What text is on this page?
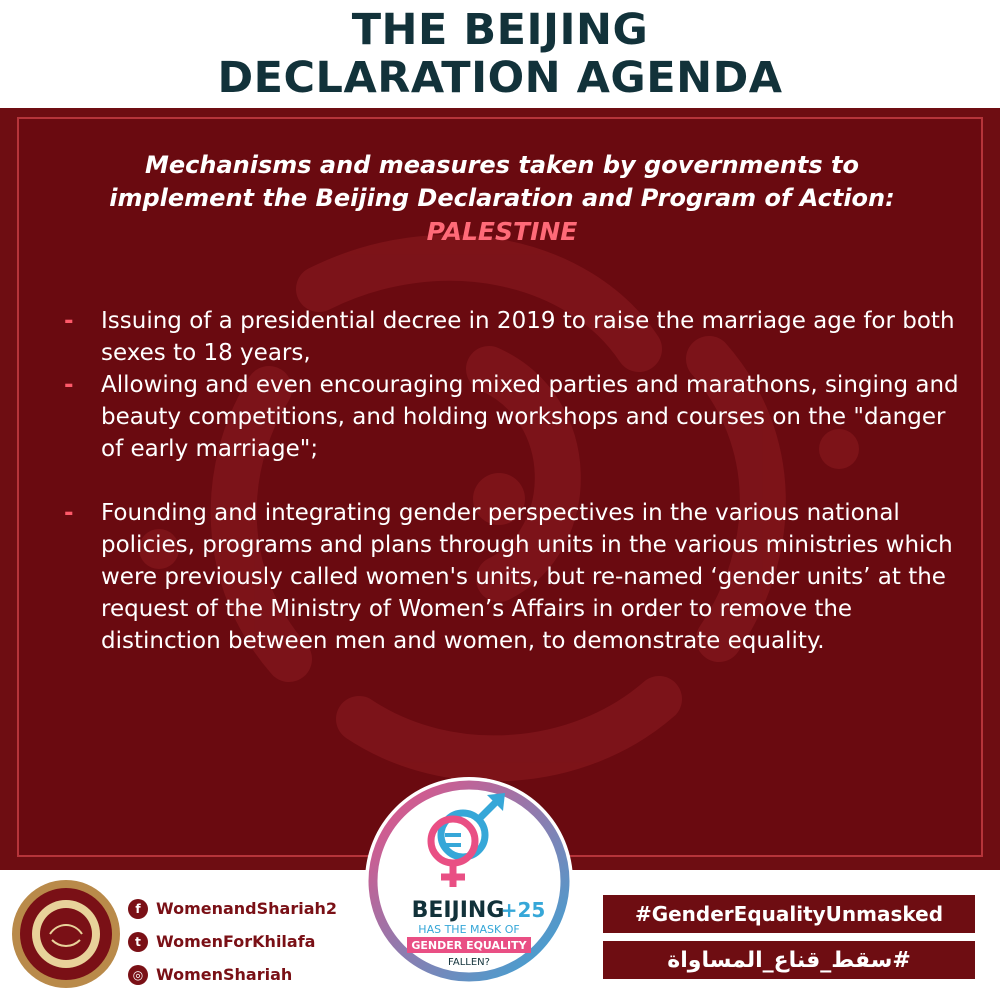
THE BEIJING
DECLARATION AGENDA
Mechanisms and measures taken by governments to
implement the Beijing Declaration and Program of Action:
PALESTINE
- Issuing of a presidential decree in 2019 to raise the marriage age for both sexes to 18 years,
- Allowing and even encouraging mixed parties and marathons, singing and beauty competitions, and holding workshops and courses on the "danger of early marriage";
- Founding and integrating gender perspectives in the various national policies, programs and plans through units in the various ministries which were previously called women's units, but re-named ‘gender units’ at the request of the Ministry of Women’s Affairs in order to remove the distinction between men and women, to demonstrate equality.
f WomenandShariah2
t WomenForKhilafa
◎ WomenShariah
BEIJING
+25
HAS THE MASK OF
GENDER EQUALITY
FALLEN?
#GenderEqualityUnmasked
#سقط_قناع_المساواة
